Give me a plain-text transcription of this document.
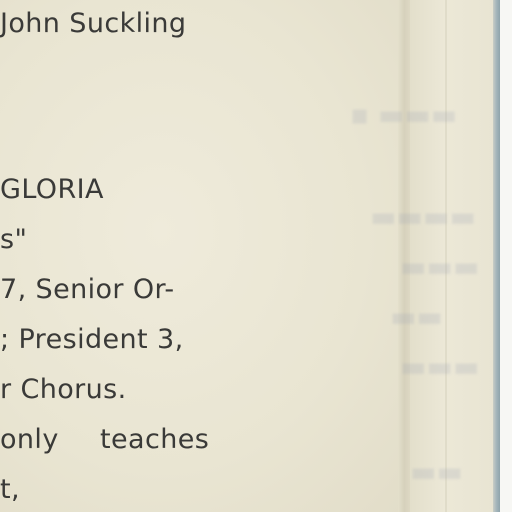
▬▬▬ ▪
▬▬▬▬
▬▬▬
▬▬
▬▬▬
▬▬

John Suckling

GLORIA

s"

7, Senior Or-

; President 3,

r Chorus.

only teaches

t,
